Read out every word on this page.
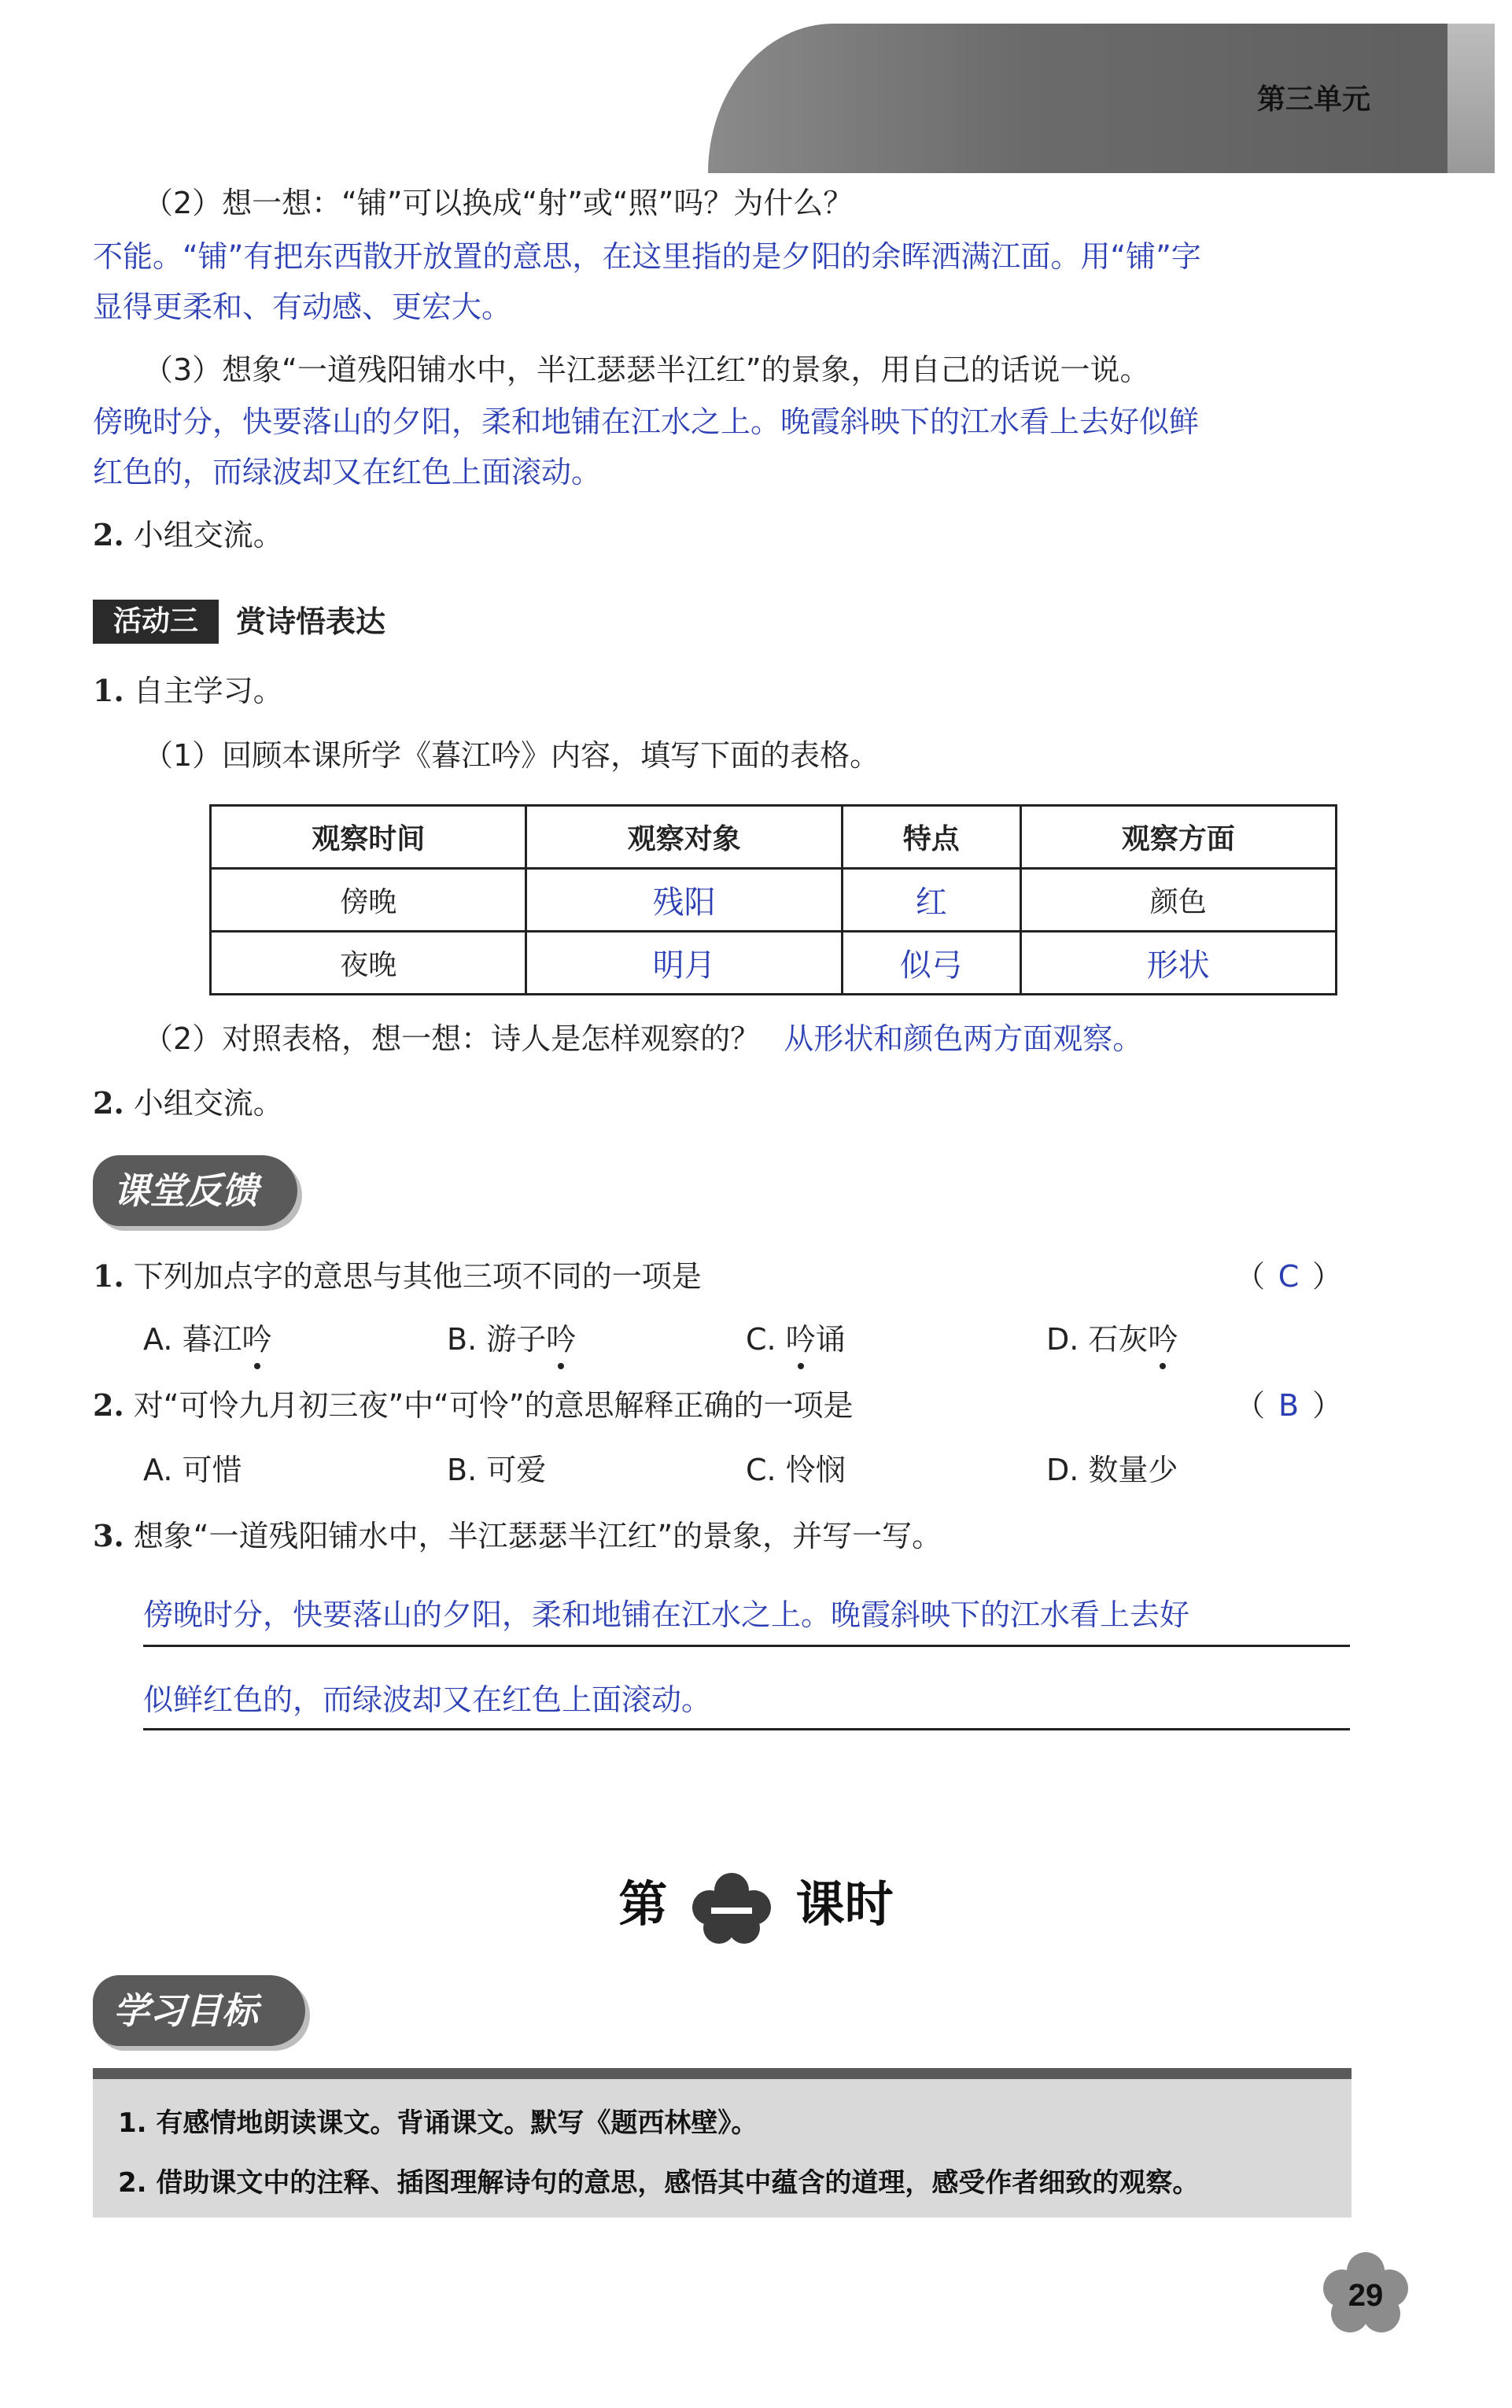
第三单元
（2）想一想：“铺”可以换成“射”或“照”吗？为什么？
不能。“铺”有把东西散开放置的意思，在这里指的是夕阳的余晖洒满江面。用“铺”字
显得更柔和、有动感、更宏大。
（3）想象“一道残阳铺水中，半江瑟瑟半江红”的景象，用自己的话说一说。
傍晚时分，快要落山的夕阳，柔和地铺在江水之上。晚霞斜映下的江水看上去好似鲜
红色的，而绿波却又在红色上面滚动。
2. 小组交流。
活动三	赏诗悟表达
1. 自主学习。
（1）回顾本课所学《暮江吟》内容，填写下面的表格。
观察时间	观察对象	特点	观察方面
傍晚	残阳	红	颜色
夜晚	明月	似弓	形状
（2）对照表格，想一想：诗人是怎样观察的？ 从形状和颜色两方面观察。
2. 小组交流。
课堂反馈
1. 下列加点字的意思与其他三项不同的一项是	（ C ）
A. 暮江吟	B. 游子吟	C. 吟诵	D. 石灰吟
2. 对“可怜九月初三夜”中“可怜”的意思解释正确的一项是	（ B ）
A. 可惜	B. 可爱	C. 怜悯	D. 数量少
3. 想象“一道残阳铺水中，半江瑟瑟半江红”的景象，并写一写。
傍晚时分，快要落山的夕阳，柔和地铺在江水之上。晚霞斜映下的江水看上去好
似鲜红色的，而绿波却又在红色上面滚动。
第	课时
学习目标
1. 有感情地朗读课文。背诵课文。默写《题西林壁》。
2. 借助课文中的注释、插图理解诗句的意思，感悟其中蕴含的道理，感受作者细致的观察。
29
